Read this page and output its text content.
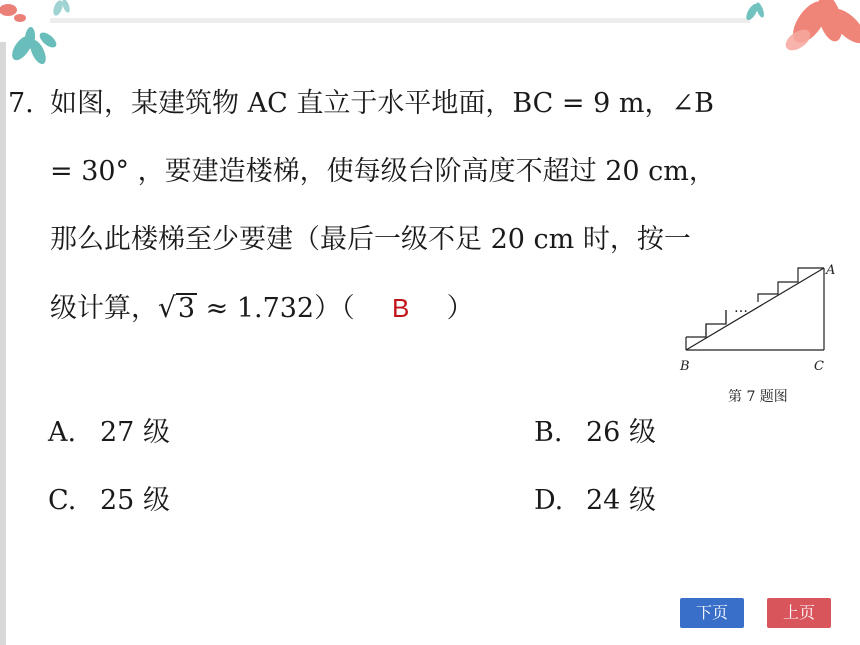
7. 如图，某建筑物 AC 直立于水平地面，BC = 9 m，∠B
= 30° ，要建造楼梯，使每级台阶高度不超过 20 cm，
那么此楼梯至少要建（最后一级不足 20 cm 时，按一
级计算，√3 ≈ 1.732）（ B ）	…
A
B	C
第 7 题图
A. 27 级	B. 26 级
C. 25 级	D. 24 级
下页	上页
